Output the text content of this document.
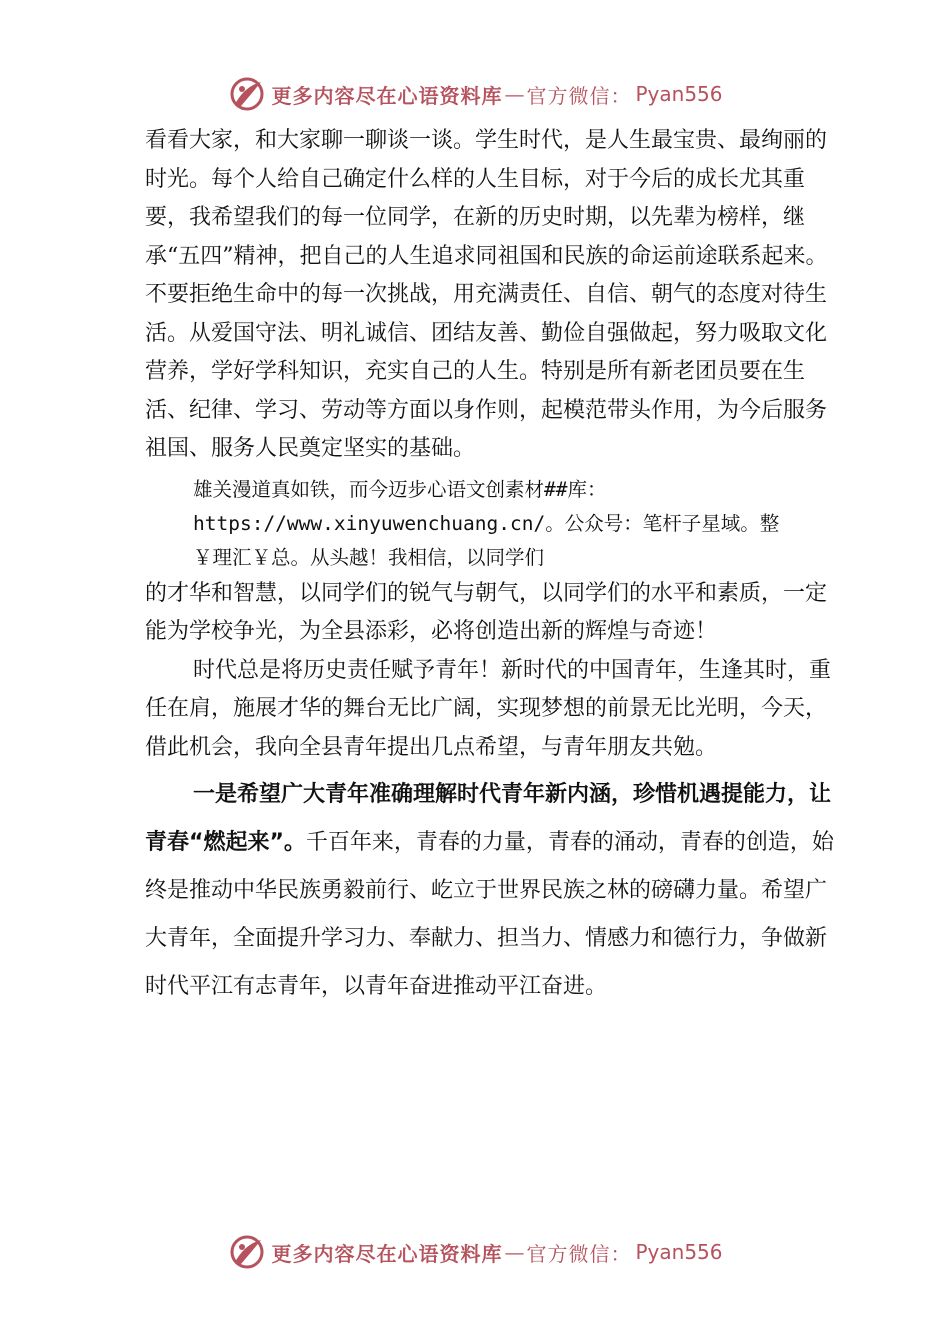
更多内容尽在心语资料库 — 官方微信： Pyan556

看看大家，和大家聊一聊谈一谈。学生时代，是人生最宝贵、最绚丽的时光。每个人给自己确定什么样的人生目标，对于今后的成长尤其重要，我希望我们的每一位同学，在新的历史时期，以先辈为榜样，继承“五四”精神，把自己的人生追求同祖国和民族的命运前途联系起来。不要拒绝生命中的每一次挑战，用充满责任、自信、朝气的态度对待生活。从爱国守法、明礼诚信、团结友善、勤俭自强做起，努力吸取文化营养，学好学科知识，充实自己的人生。特别是所有新老团员要在生活、纪律、学习、劳动等方面以身作则，起模范带头作用，为今后服务祖国、服务人民奠定坚实的基础。

雄关漫道真如铁，而今迈步心语文创素材##库：https://www.xinyuwenchuang.cn/。公众号：笔杆子星域。整￥理汇￥总。从头越！我相信，以同学们

的才华和智慧，以同学们的锐气与朝气，以同学们的水平和素质，一定能为学校争光，为全县添彩，必将创造出新的辉煌与奇迹！

时代总是将历史责任赋予青年！新时代的中国青年，生逢其时，重任在肩，施展才华的舞台无比广阔，实现梦想的前景无比光明，今天，借此机会，我向全县青年提出几点希望，与青年朋友共勉。

一是希望广大青年准确理解时代青年新内涵，珍惜机遇提能力，让青春“燃起来”。千百年来，青春的力量，青春的涌动，青春的创造，始终是推动中华民族勇毅前行、屹立于世界民族之林的磅礴力量。希望广大青年，全面提升学习力、奉献力、担当力、情感力和德行力，争做新时代平江有志青年，以青年奋进推动平江奋进。

更多内容尽在心语资料库 — 官方微信： Pyan556
